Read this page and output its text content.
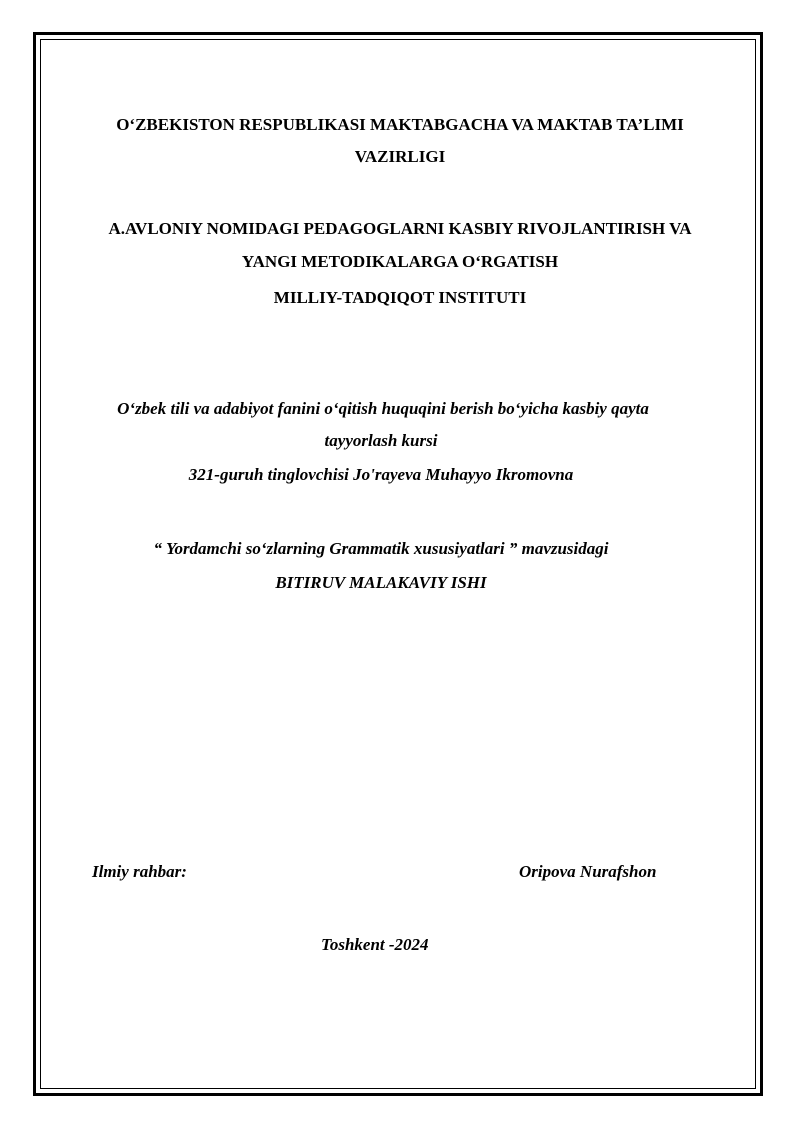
O‘ZBEKISTON RESPUBLIKASI MAKTABGACHA VA MAKTAB TA’LIMI
VAZIRLIGI
A.AVLONIY NOMIDAGI PEDAGOGLARNI KASBIY RIVOJLANTIRISH VA
YANGI METODIKALARGA O‘RGATISH
MILLIY-TADQIQOT INSTITUTI
O‘zbek tili va adabiyot fanini o‘qitish huquqini berish bo‘yicha kasbiy qayta
tayyorlash kursi
321-guruh tinglovchisi Jo'rayeva Muhayyo Ikromovna
“ Yordamchi so‘zlarning Grammatik xususiyatlari ” mavzusidagi
BITIRUV MALAKAVIY ISHI
Ilmiy rahbar:	Oripova Nurafshon
Toshkent -2024
